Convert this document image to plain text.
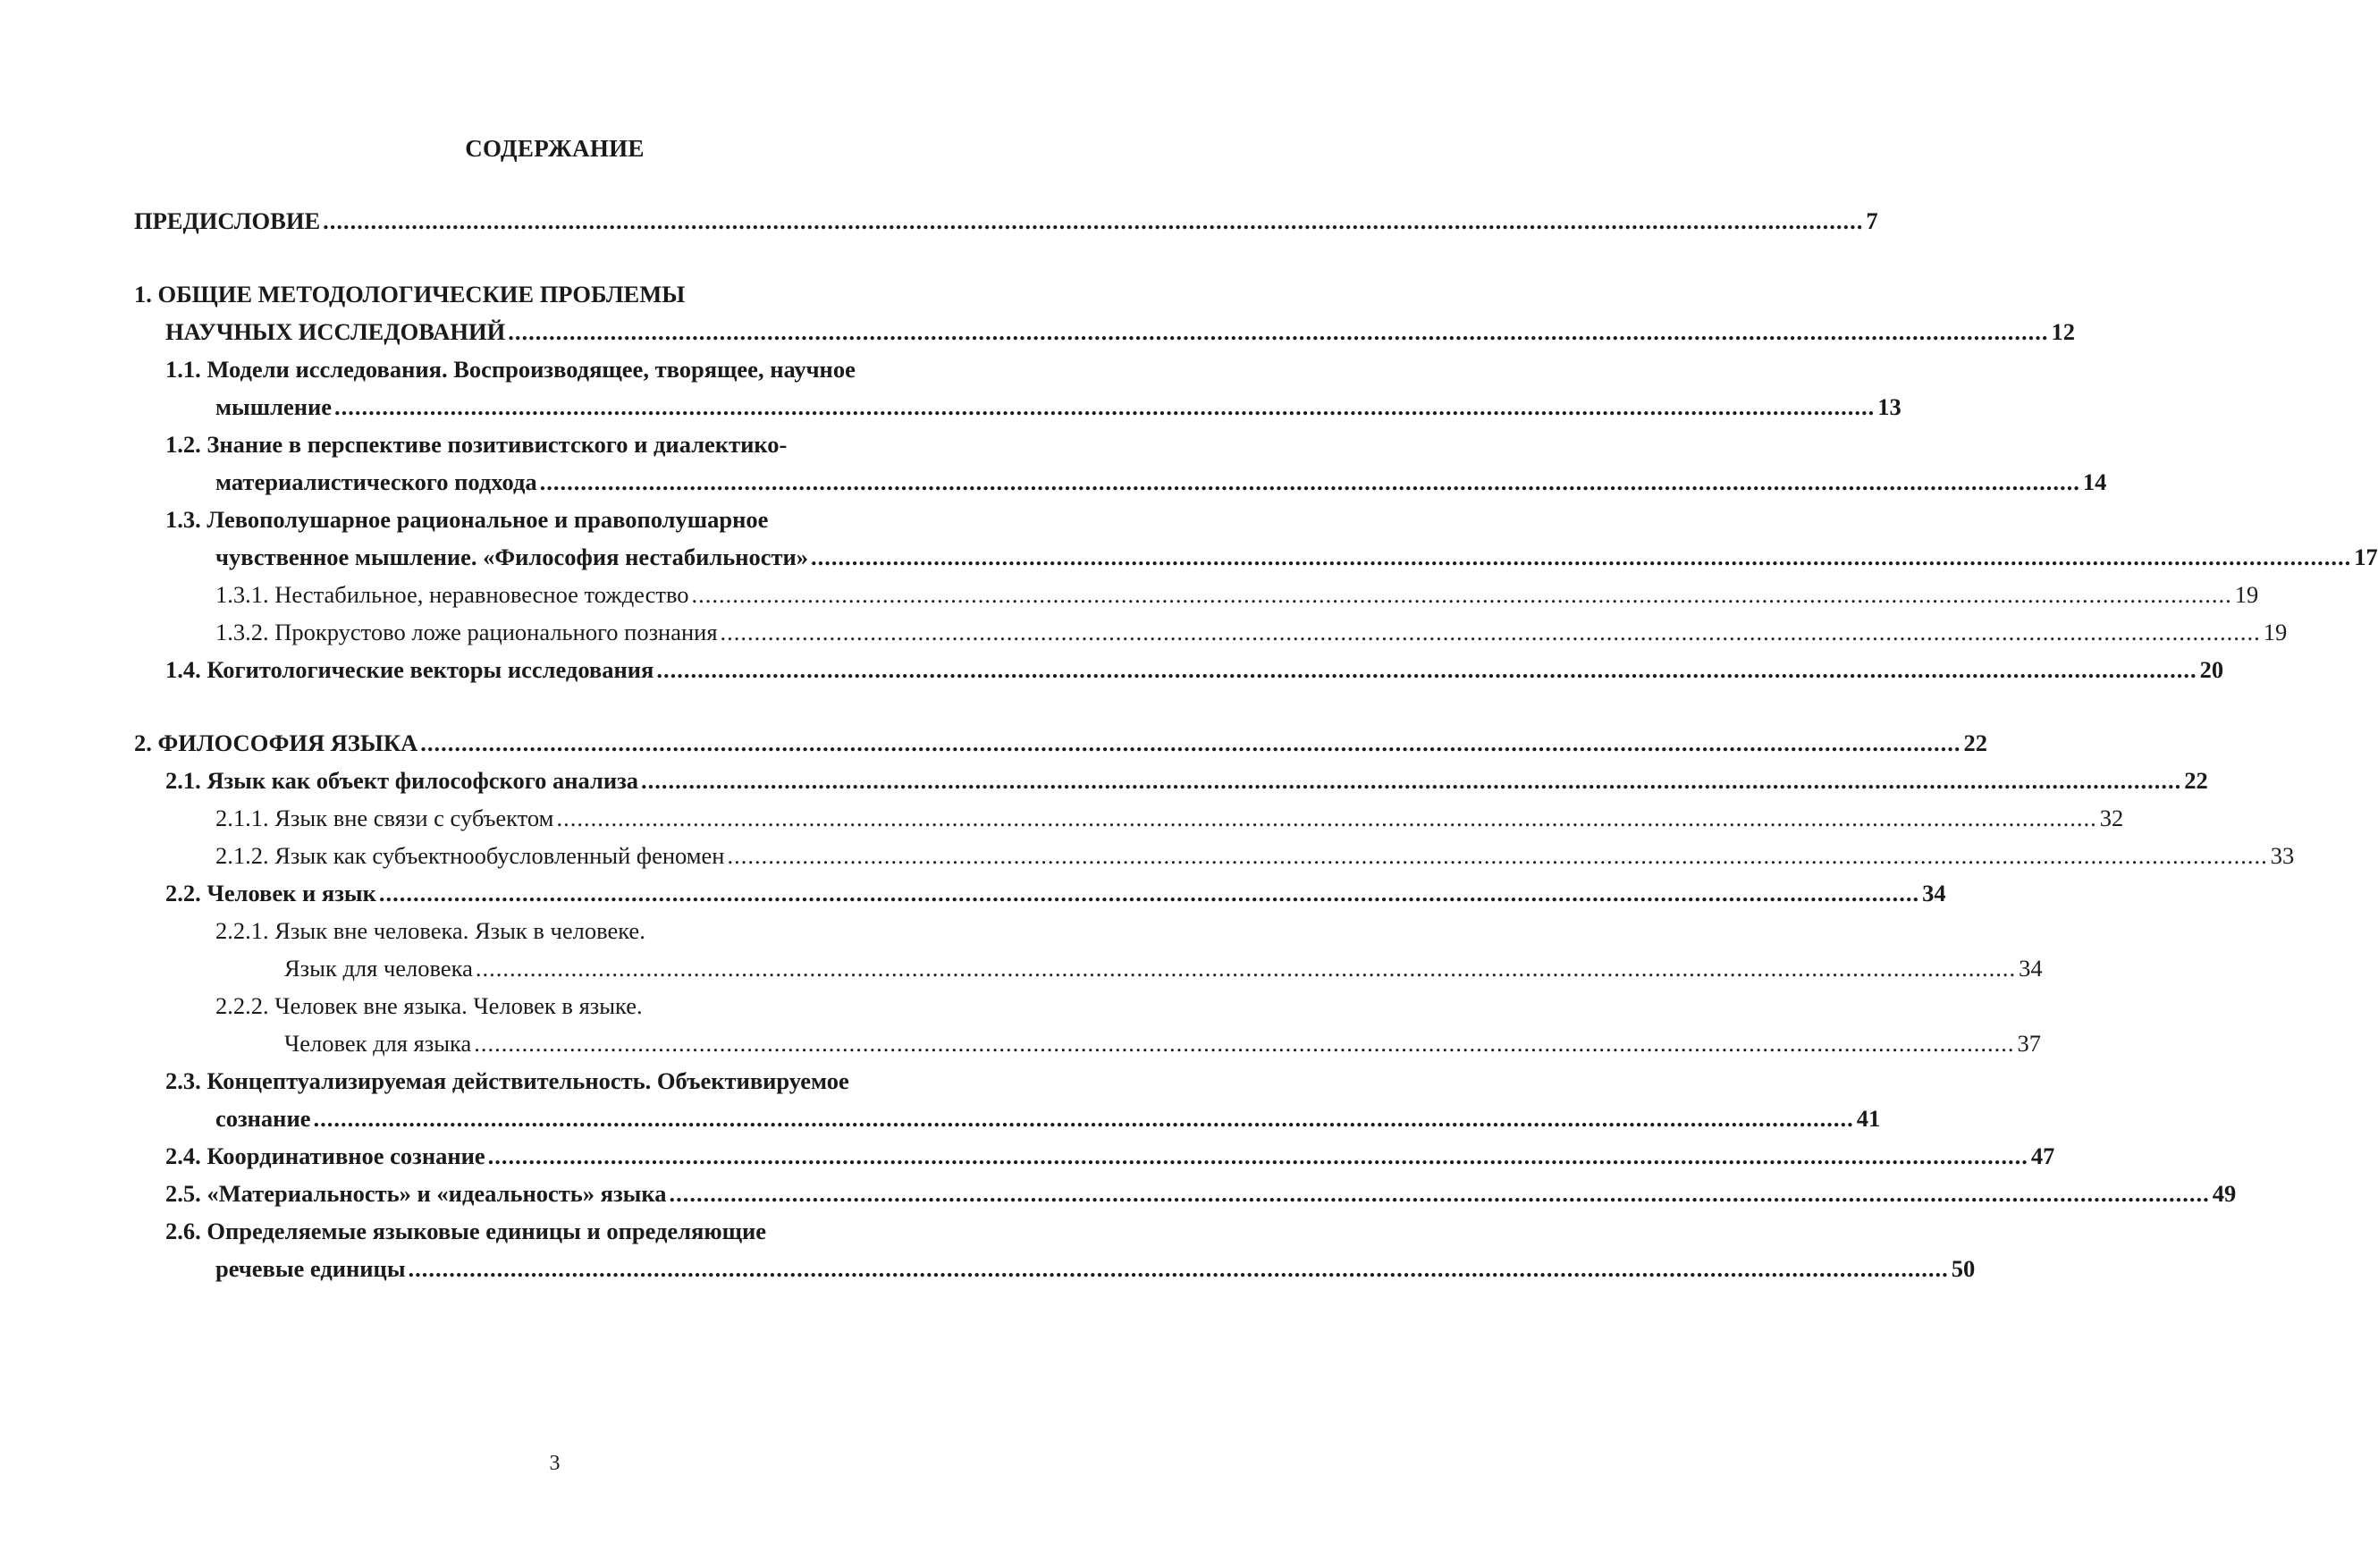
СОДЕРЖАНИЕ
ПРЕДИСЛОВИЕ .................................................................................................................................................................................................................................. 7
1. ОБЩИЕ МЕТОДОЛОГИЧЕСКИЕ ПРОБЛЕМЫ
НАУЧНЫХ ИССЛЕДОВАНИЙ .................................................................................................................................................................................................................................. 12
1.1. Модели исследования. Воспроизводящее, творящее, научное
мышление .................................................................................................................................................................................................................................. 13
1.2. Знание в перспективе позитивистского и диалектико-
материалистического подхода .................................................................................................................................................................................................................................. 14
1.3. Левополушарное рациональное и правополушарное
чувственное мышление. «Философия нестабильности» .................................................................................................................................................................................................................................. 17
1.3.1. Нестабильное, неравновесное тождество .................................................................................................................................................................................................................................. 19
1.3.2. Прокрустово ложе рационального познания .................................................................................................................................................................................................................................. 19
1.4. Когитологические векторы исследования .................................................................................................................................................................................................................................. 20
2. ФИЛОСОФИЯ ЯЗЫКА .................................................................................................................................................................................................................................. 22
2.1. Язык как объект философского анализа .................................................................................................................................................................................................................................. 22
2.1.1. Язык вне связи с субъектом .................................................................................................................................................................................................................................. 32
2.1.2. Язык как субъектнообусловленный феномен .................................................................................................................................................................................................................................. 33
2.2. Человек и язык .................................................................................................................................................................................................................................. 34
2.2.1. Язык вне человека. Язык в человеке.
Язык для человека .................................................................................................................................................................................................................................. 34
2.2.2. Человек вне языка. Человек в языке.
Человек для языка .................................................................................................................................................................................................................................. 37
2.3. Концептуализируемая действительность. Объективируемое
сознание .................................................................................................................................................................................................................................. 41
2.4. Координативное сознание .................................................................................................................................................................................................................................. 47
2.5. «Материальность» и «идеальность» языка .................................................................................................................................................................................................................................. 49
2.6. Определяемые языковые единицы и определяющие
речевые единицы .................................................................................................................................................................................................................................. 50
3
